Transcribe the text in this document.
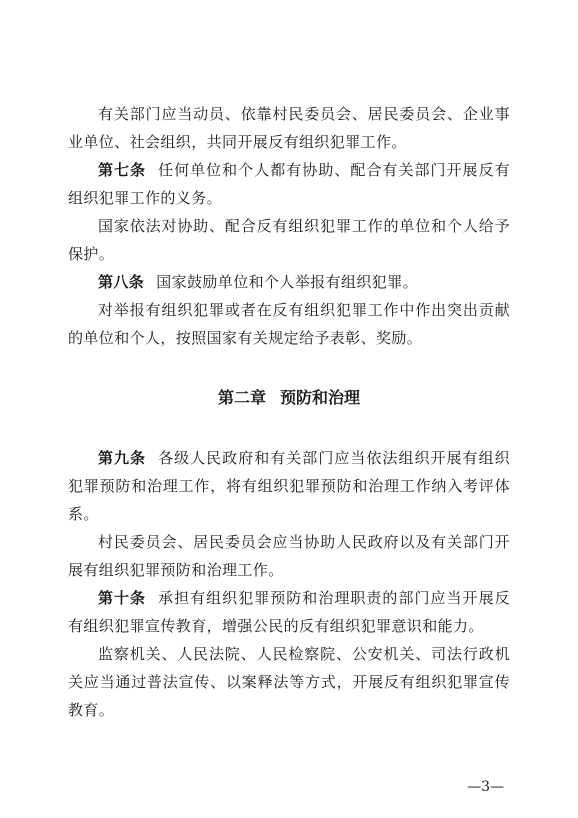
有关部门应当动员、依靠村民委员会、居民委员会、企业事业单位、社会组织，共同开展反有组织犯罪工作。

第七条 任何单位和个人都有协助、配合有关部门开展反有组织犯罪工作的义务。

国家依法对协助、配合反有组织犯罪工作的单位和个人给予保护。

第八条 国家鼓励单位和个人举报有组织犯罪。

对举报有组织犯罪或者在反有组织犯罪工作中作出突出贡献的单位和个人，按照国家有关规定给予表彰、奖励。

第二章 预防和治理

第九条 各级人民政府和有关部门应当依法组织开展有组织犯罪预防和治理工作，将有组织犯罪预防和治理工作纳入考评体系。

村民委员会、居民委员会应当协助人民政府以及有关部门开展有组织犯罪预防和治理工作。

第十条 承担有组织犯罪预防和治理职责的部门应当开展反有组织犯罪宣传教育，增强公民的反有组织犯罪意识和能力。

监察机关、人民法院、人民检察院、公安机关、司法行政机关应当通过普法宣传、以案释法等方式，开展反有组织犯罪宣传教育。

—3—
